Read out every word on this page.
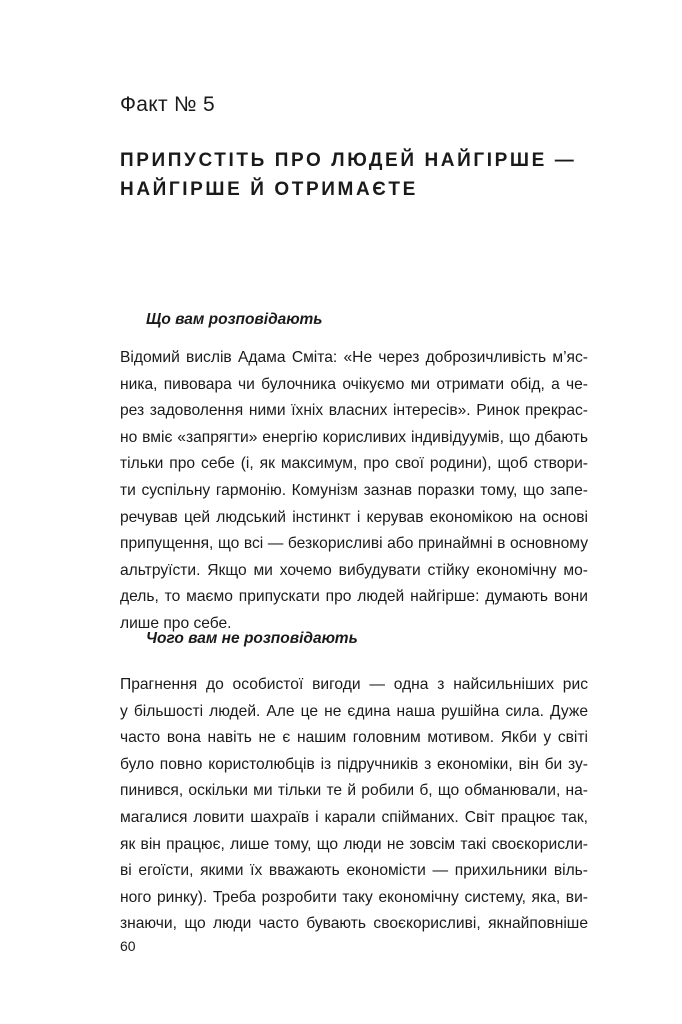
Факт № 5
ПРИПУСТІТЬ ПРО ЛЮДЕЙ НАЙГІРШЕ —
НАЙГІРШЕ Й ОТРИМАЄТЕ
Що вам розповідають

Відомий вислів Адама Сміта: «Не через доброзичливість м’яс-
ника, пивовара чи булочника очікуємо ми отримати обід, а че-
рез задоволення ними їхніх власних інтересів». Ринок прекрас-
но вміє «запрягти» енергію корисливих індивідуумів, що дбають
тільки про себе (і, як максимум, про свої родини), щоб створи-
ти суспільну гармонію. Комунізм зазнав поразки тому, що запе-
речував цей людський інстинкт і керував економікою на основі
припущення, що всі — безкорисливі або принаймні в основному
альтруїсти. Якщо ми хочемо вибудувати стійку економічну мо-
дель, то маємо припускати про людей найгірше: думають вони
лише про себе.

Чого вам не розповідають

Прагнення до особистої вигоди — одна з найсильніших рис
у більшості людей. Але це не єдина наша рушійна сила. Дуже
часто вона навіть не є нашим головним мотивом. Якби у світі
було повно користолюбців із підручників з економіки, він би зу-
пинився, оскільки ми тільки те й робили б, що обманювали, на-
магалися ловити шахраїв і карали спійманих. Світ працює так,
як він працює, лише тому, що люди не зовсім такі своєкорисли-
ві егоїсти, якими їх вважають економісти — прихильники віль-
ного ринку). Треба розробити таку економічну систему, яка, ви-
знаючи, що люди часто бувають своєкорисливі, якнайповніше

60
